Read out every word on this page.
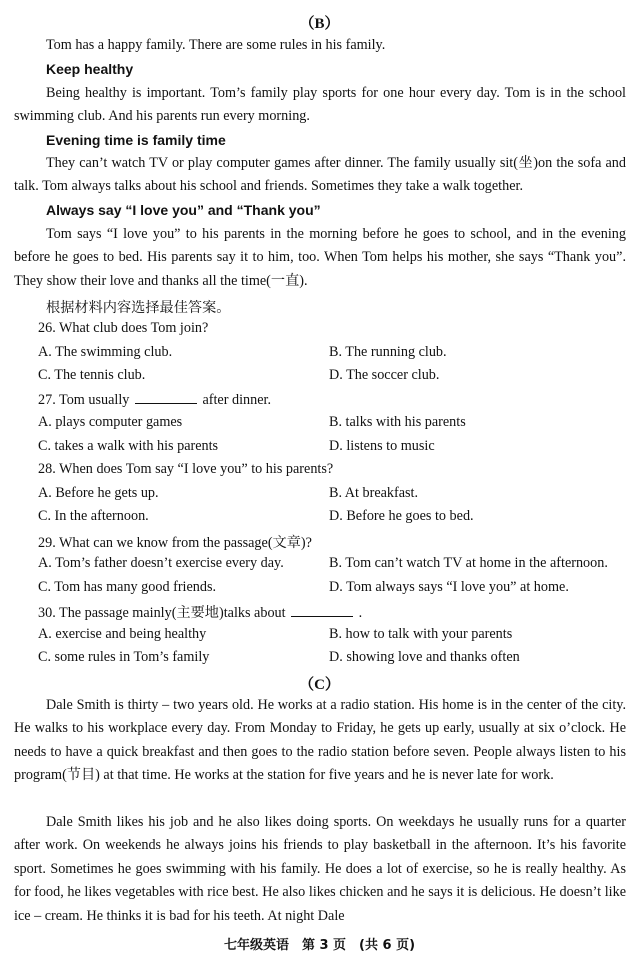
（B）
Tom has a happy family. There are some rules in his family.
Keep healthy

Being healthy is important. Tom’s family play sports for one hour every day. Tom is in the school swimming club. And his parents run every morning.

Evening time is family time

They can’t watch TV or play computer games after dinner. The family usually sit(坐)on the sofa and talk. Tom always talks about his school and friends. Sometimes they take a walk together.

Always say “I love you” and “Thank you”

Tom says “I love you” to his parents in the morning before he goes to school, and in the evening before he goes to bed. His parents say it to him, too. When Tom helps his mother, she says “Thank you”. They show their love and thanks all the time(一直).

根据材料内容选择最佳答案。
26. What club does Tom join?
A. The swimming club.	B. The running club.
C. The tennis club.	D. The soccer club.
27. Tom usually	after dinner.
A. plays computer games	B. talks with his parents
C. takes a walk with his parents	D. listens to music
28. When does Tom say “I love you” to his parents?
A. Before he gets up.	B. At breakfast.
C. In the afternoon.	D. Before he goes to bed.
29. What can we know from the passage(文章)?
A. Tom’s father doesn’t exercise every day.	B. Tom can’t watch TV at home in the afternoon.
C. Tom has many good friends.	D. Tom always says “I love you” at home.
30. The passage mainly(主要地)talks about	.
A. exercise and being healthy	B. how to talk with your parents
C. some rules in Tom’s family	D. showing love and thanks often
（C）

Dale Smith is thirty – two years old. He works at a radio station. His home is in the center of the city. He walks to his workplace every day. From Monday to Friday, he gets up early, usually at six o’clock. He needs to have a quick breakfast and then goes to the radio station before seven. People always listen to his program(节目) at that time. He works at the station for five years and he is never late for work.

Dale Smith likes his job and he also likes doing sports. On weekdays he usually runs for a quarter after work. On weekends he always joins his friends to play basketball in the afternoon. It’s his favorite sport. Sometimes he goes swimming with his family. He does a lot of exercise, so he is really healthy. As for food, he likes vegetables with rice best. He also likes chicken and he says it is delicious. He doesn’t like ice – cream. He thinks it is bad for his teeth. At night Dale

七年级英语　第 3 页　(共 6 页)
